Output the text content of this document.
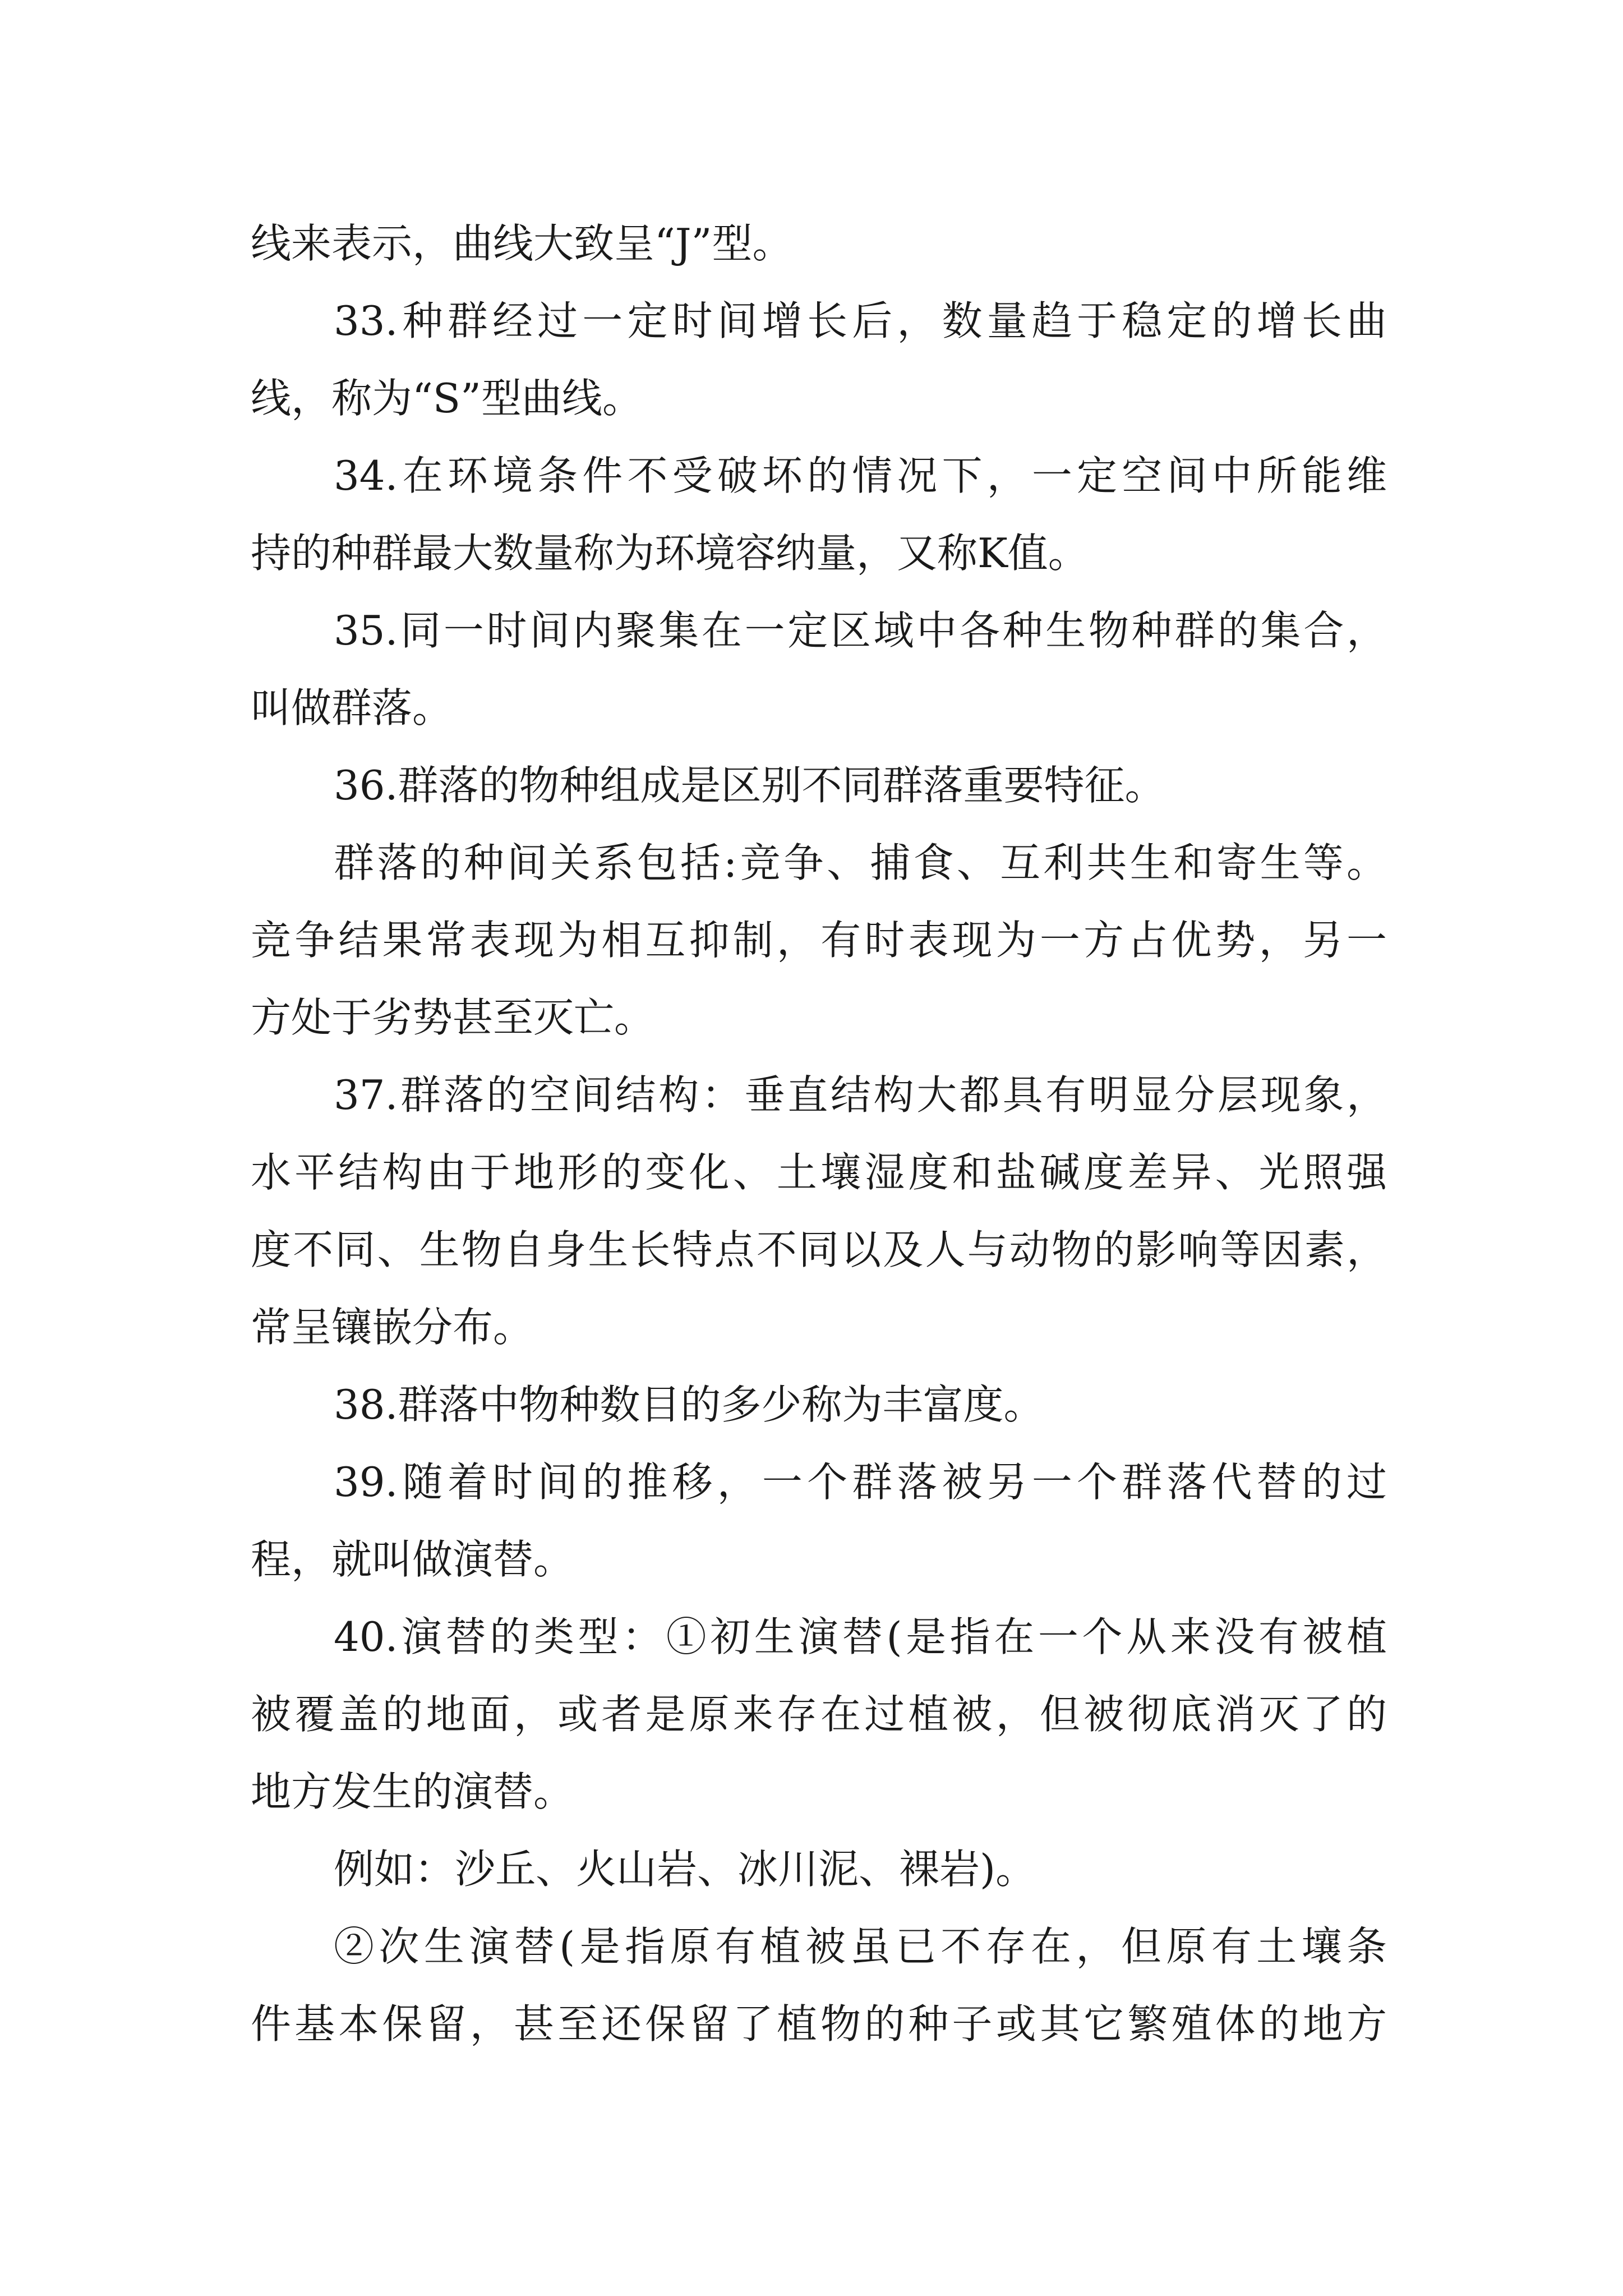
线来表示，曲线大致呈“J”型。
33.种群经过一定时间增长后，数量趋于稳定的增长曲
线，称为“S”型曲线。
34.在环境条件不受破坏的情况下，一定空间中所能维
持的种群最大数量称为环境容纳量，又称K值。
35.同一时间内聚集在一定区域中各种生物种群的集合，
叫做群落。
36.群落的物种组成是区别不同群落重要特征。
群落的种间关系包括:竞争、捕食、互利共生和寄生等。
竞争结果常表现为相互抑制，有时表现为一方占优势，另一
方处于劣势甚至灭亡。
37.群落的空间结构：垂直结构大都具有明显分层现象，
水平结构由于地形的变化、土壤湿度和盐碱度差异、光照强
度不同、生物自身生长特点不同以及人与动物的影响等因素，
常呈镶嵌分布。
38.群落中物种数目的多少称为丰富度。
39.随着时间的推移，一个群落被另一个群落代替的过
程，就叫做演替。
40.演替的类型：①初生演替(是指在一个从来没有被植
被覆盖的地面，或者是原来存在过植被，但被彻底消灭了的
地方发生的演替。
例如：沙丘、火山岩、冰川泥、裸岩)。
②次生演替(是指原有植被虽已不存在，但原有土壤条
件基本保留，甚至还保留了植物的种子或其它繁殖体的地方
